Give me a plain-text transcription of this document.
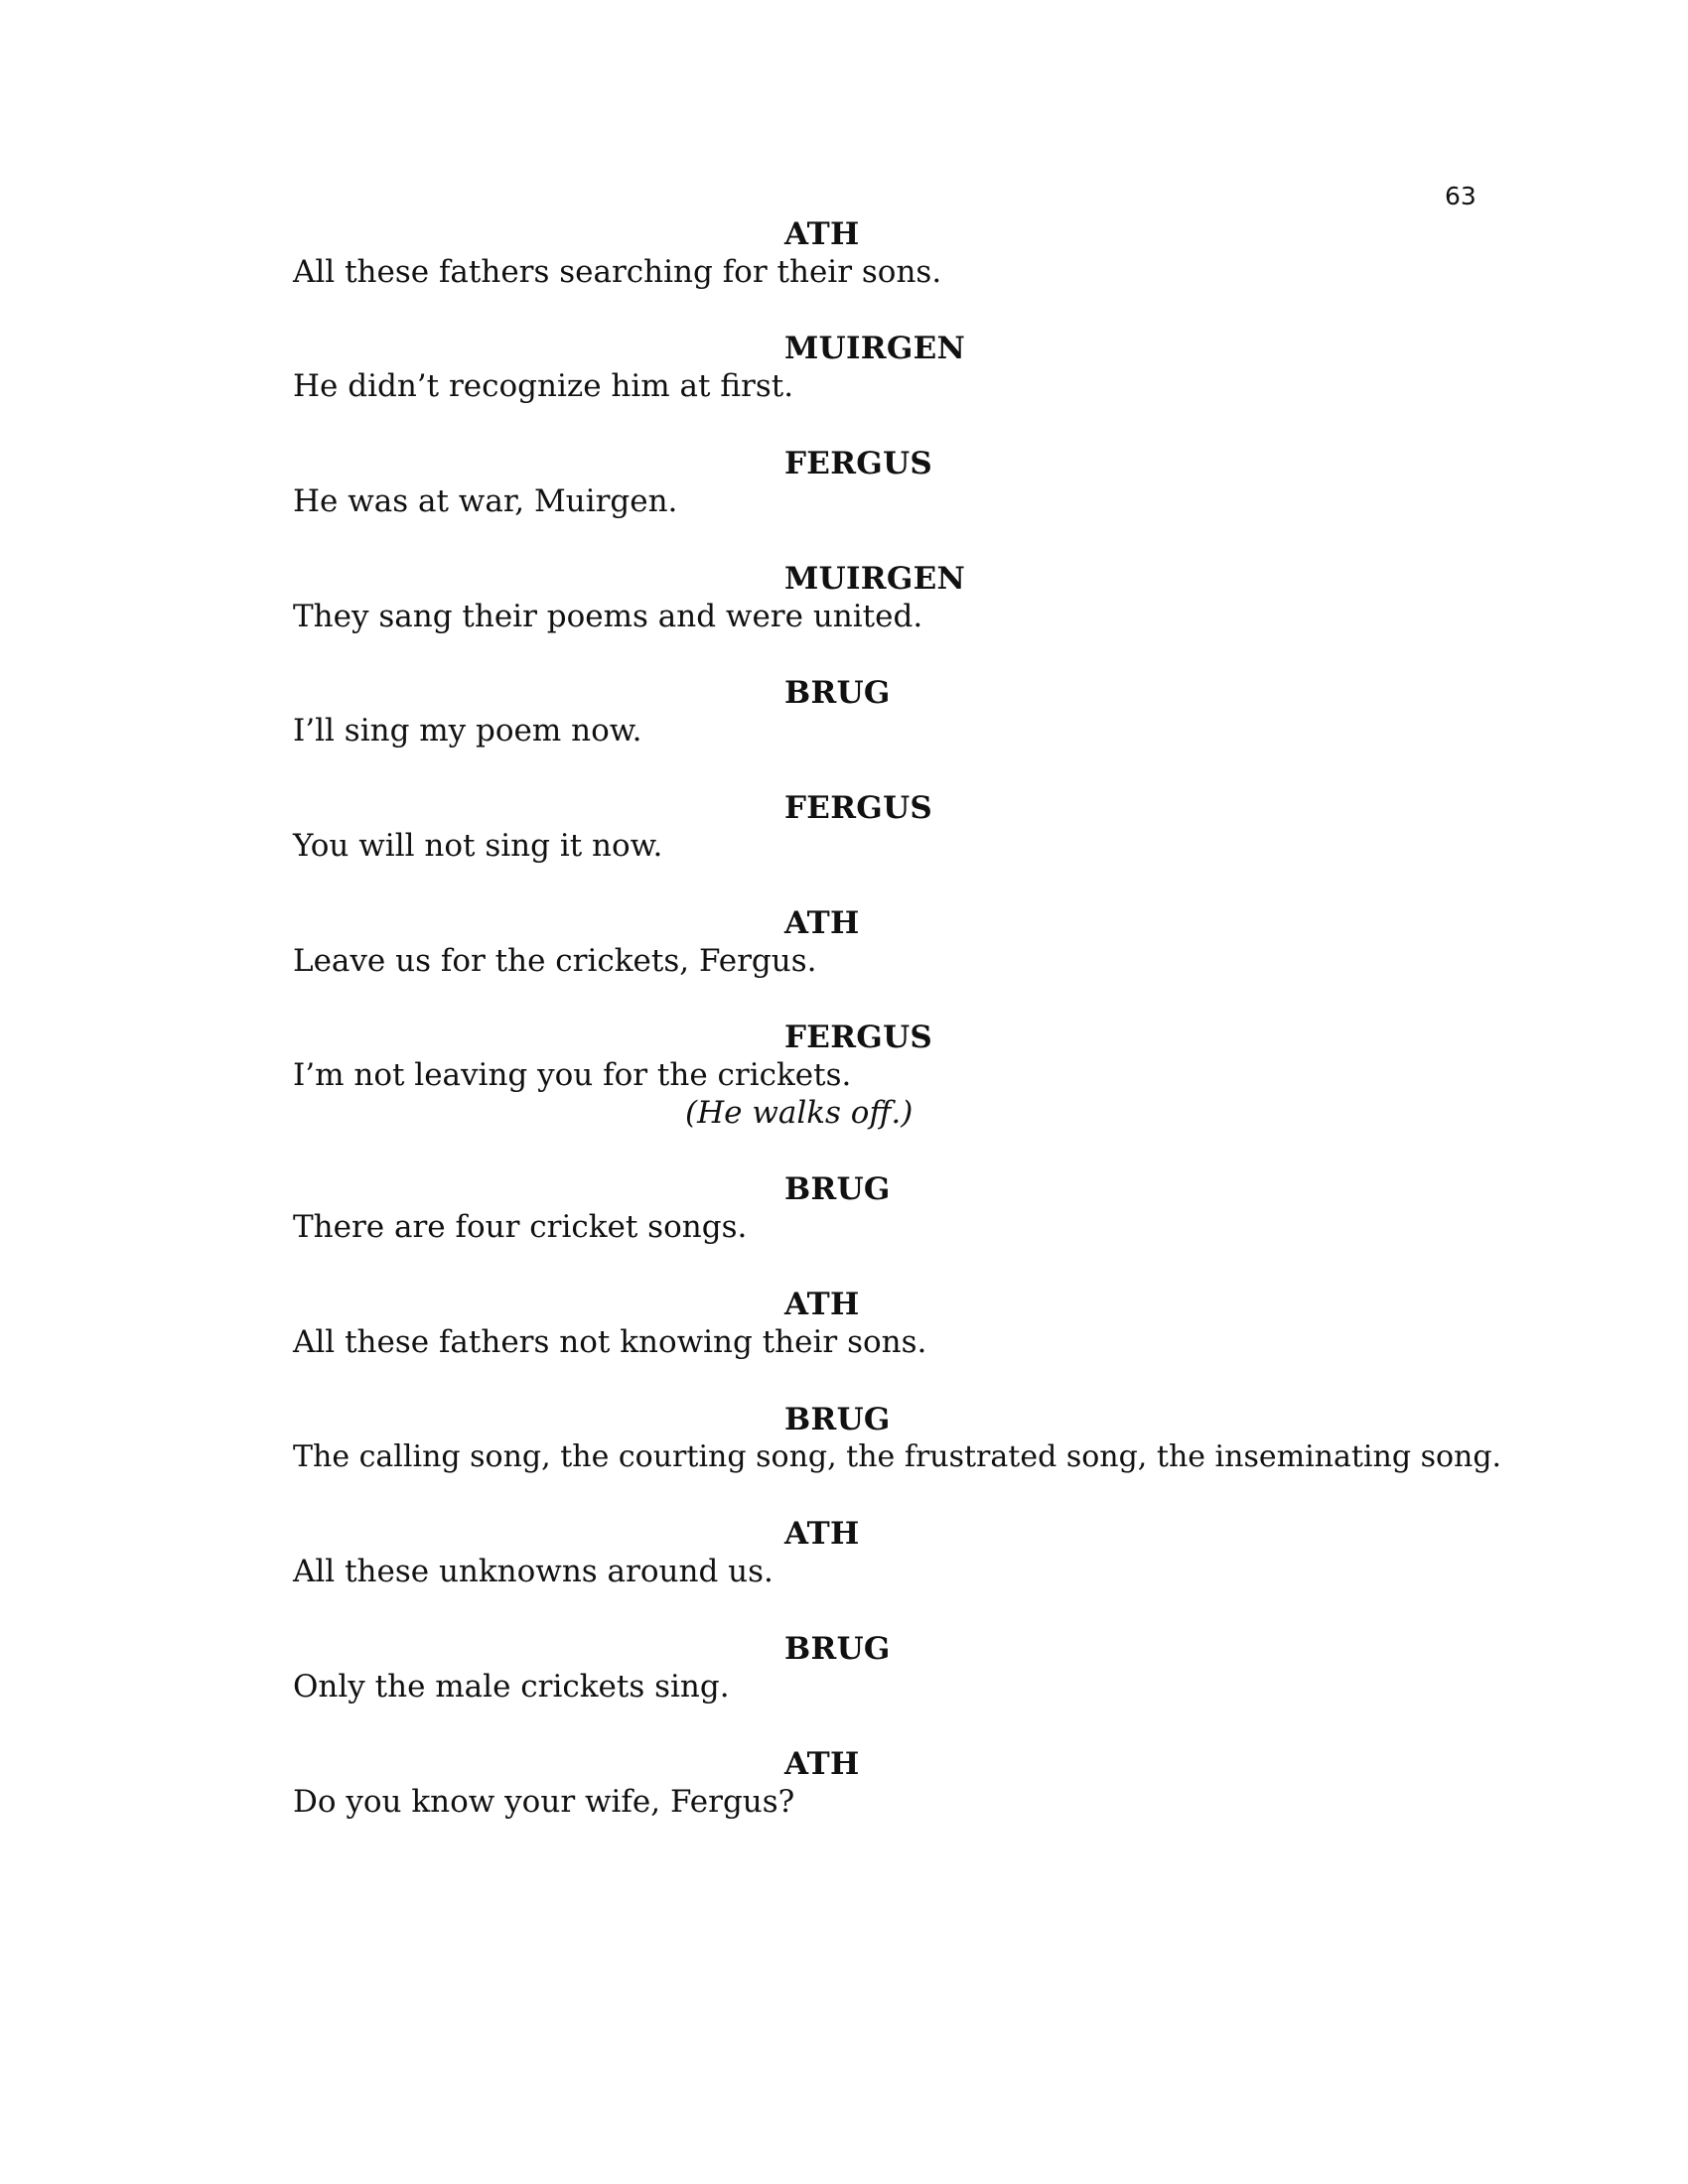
63
ATH
All these fathers searching for their sons.
MUIRGEN
He didn’t recognize him at first.
FERGUS
He was at war, Muirgen.
MUIRGEN
They sang their poems and were united.
BRUG
I’ll sing my poem now.
FERGUS
You will not sing it now.
ATH
Leave us for the crickets, Fergus.
FERGUS
I’m not leaving you for the crickets.
(He walks off.)
BRUG
There are four cricket songs.
ATH
All these fathers not knowing their sons.
BRUG
The calling song, the courting song, the frustrated song, the inseminating song.
ATH
All these unknowns around us.
BRUG
Only the male crickets sing.
ATH
Do you know your wife, Fergus?
